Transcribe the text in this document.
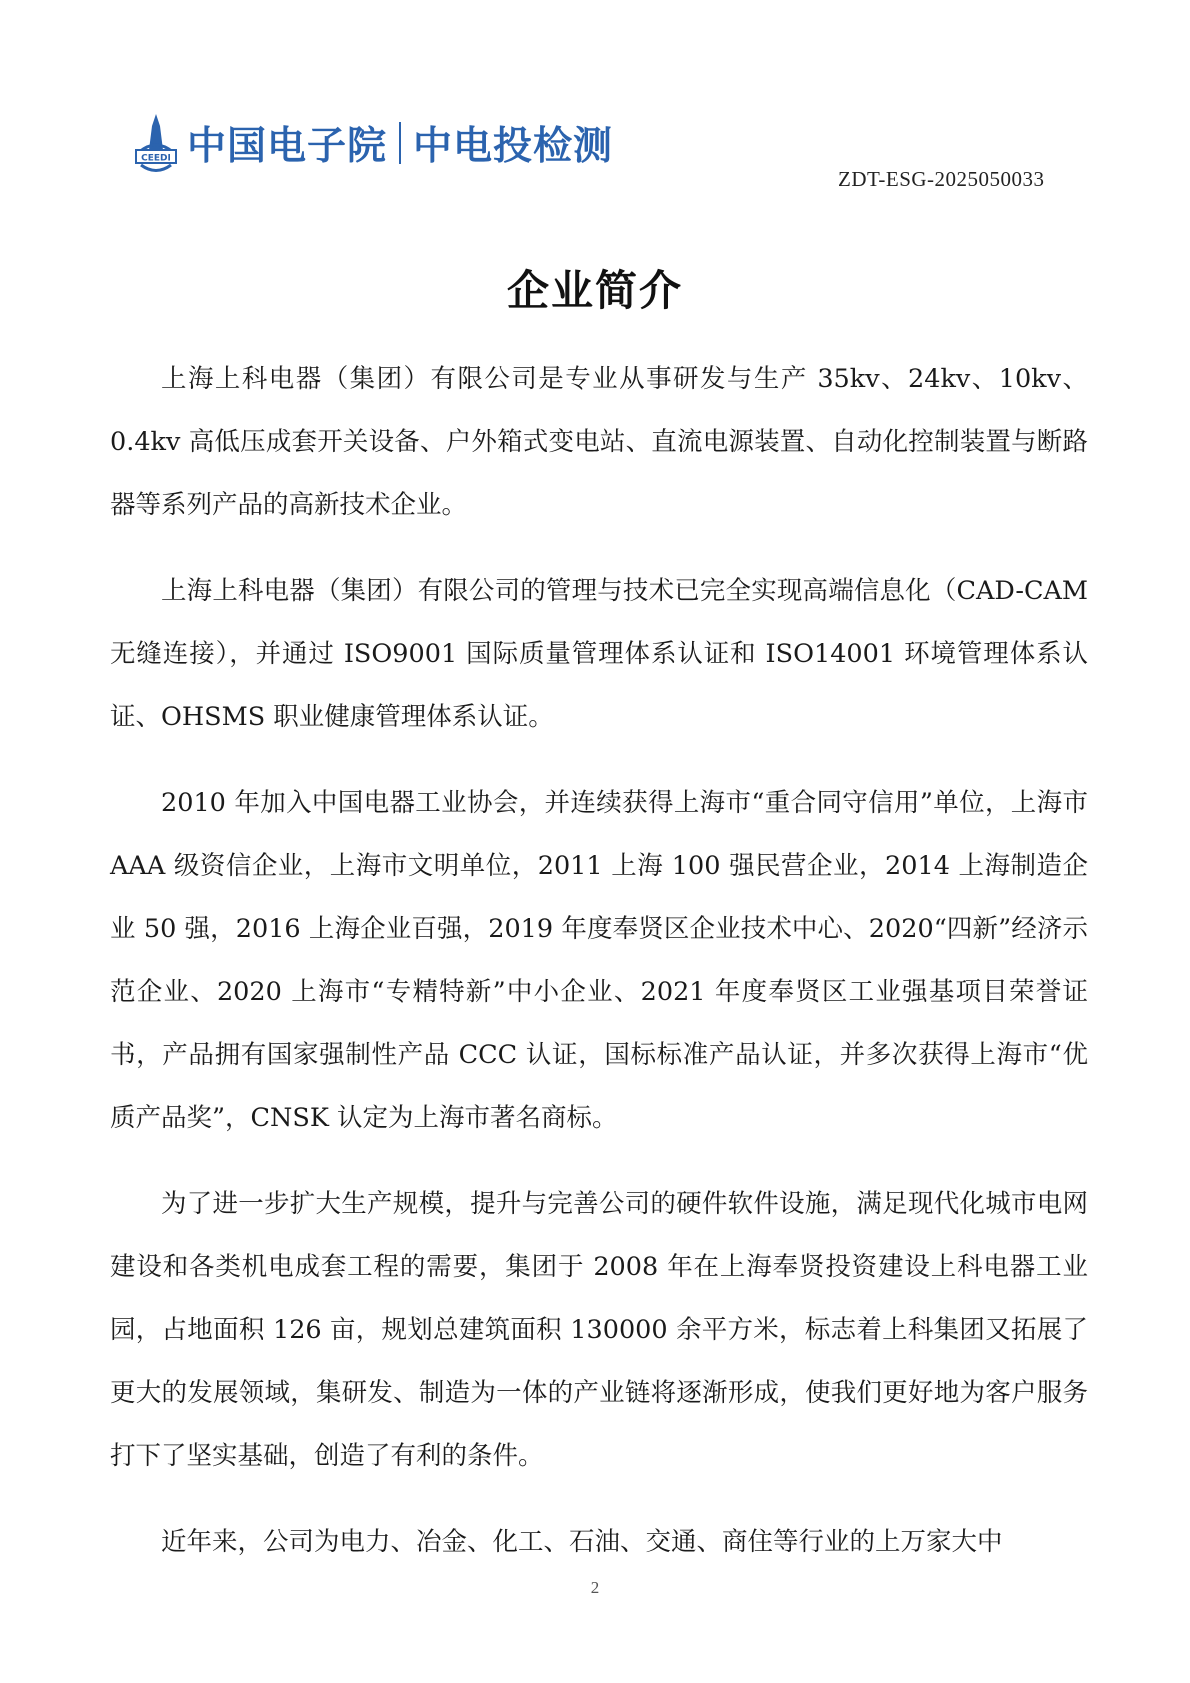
CEEDI 中国电子院 中电投检测
ZDT-ESG-2025050033
企业简介

上海上科电器（集团）有限公司是专业从事研发与生产 35kv、24kv、10kv、0.4kv 高低压成套开关设备、户外箱式变电站、直流电源装置、自动化控制装置与断路器等系列产品的高新技术企业。

上海上科电器（集团）有限公司的管理与技术已完全实现高端信息化（CAD-CAM 无缝连接），并通过 ISO9001 国际质量管理体系认证和 ISO14001 环境管理体系认证、OHSMS 职业健康管理体系认证。

2010 年加入中国电器工业协会，并连续获得上海市“重合同守信用”单位，上海市 AAA 级资信企业，上海市文明单位，2011 上海 100 强民营企业，2014 上海制造企业 50 强，2016 上海企业百强，2019 年度奉贤区企业技术中心、2020“四新”经济示范企业、2020 上海市“专精特新”中小企业、2021 年度奉贤区工业强基项目荣誉证书，产品拥有国家强制性产品 CCC 认证，国标标准产品认证，并多次获得上海市“优质产品奖”，CNSK 认定为上海市著名商标。

为了进一步扩大生产规模，提升与完善公司的硬件软件设施，满足现代化城市电网建设和各类机电成套工程的需要，集团于 2008 年在上海奉贤投资建设上科电器工业园，占地面积 126 亩，规划总建筑面积 130000 余平方米，标志着上科集团又拓展了更大的发展领域，集研发、制造为一体的产业链将逐渐形成，使我们更好地为客户服务打下了坚实基础，创造了有利的条件。

近年来，公司为电力、冶金、化工、石油、交通、商住等行业的上万家大中

2
